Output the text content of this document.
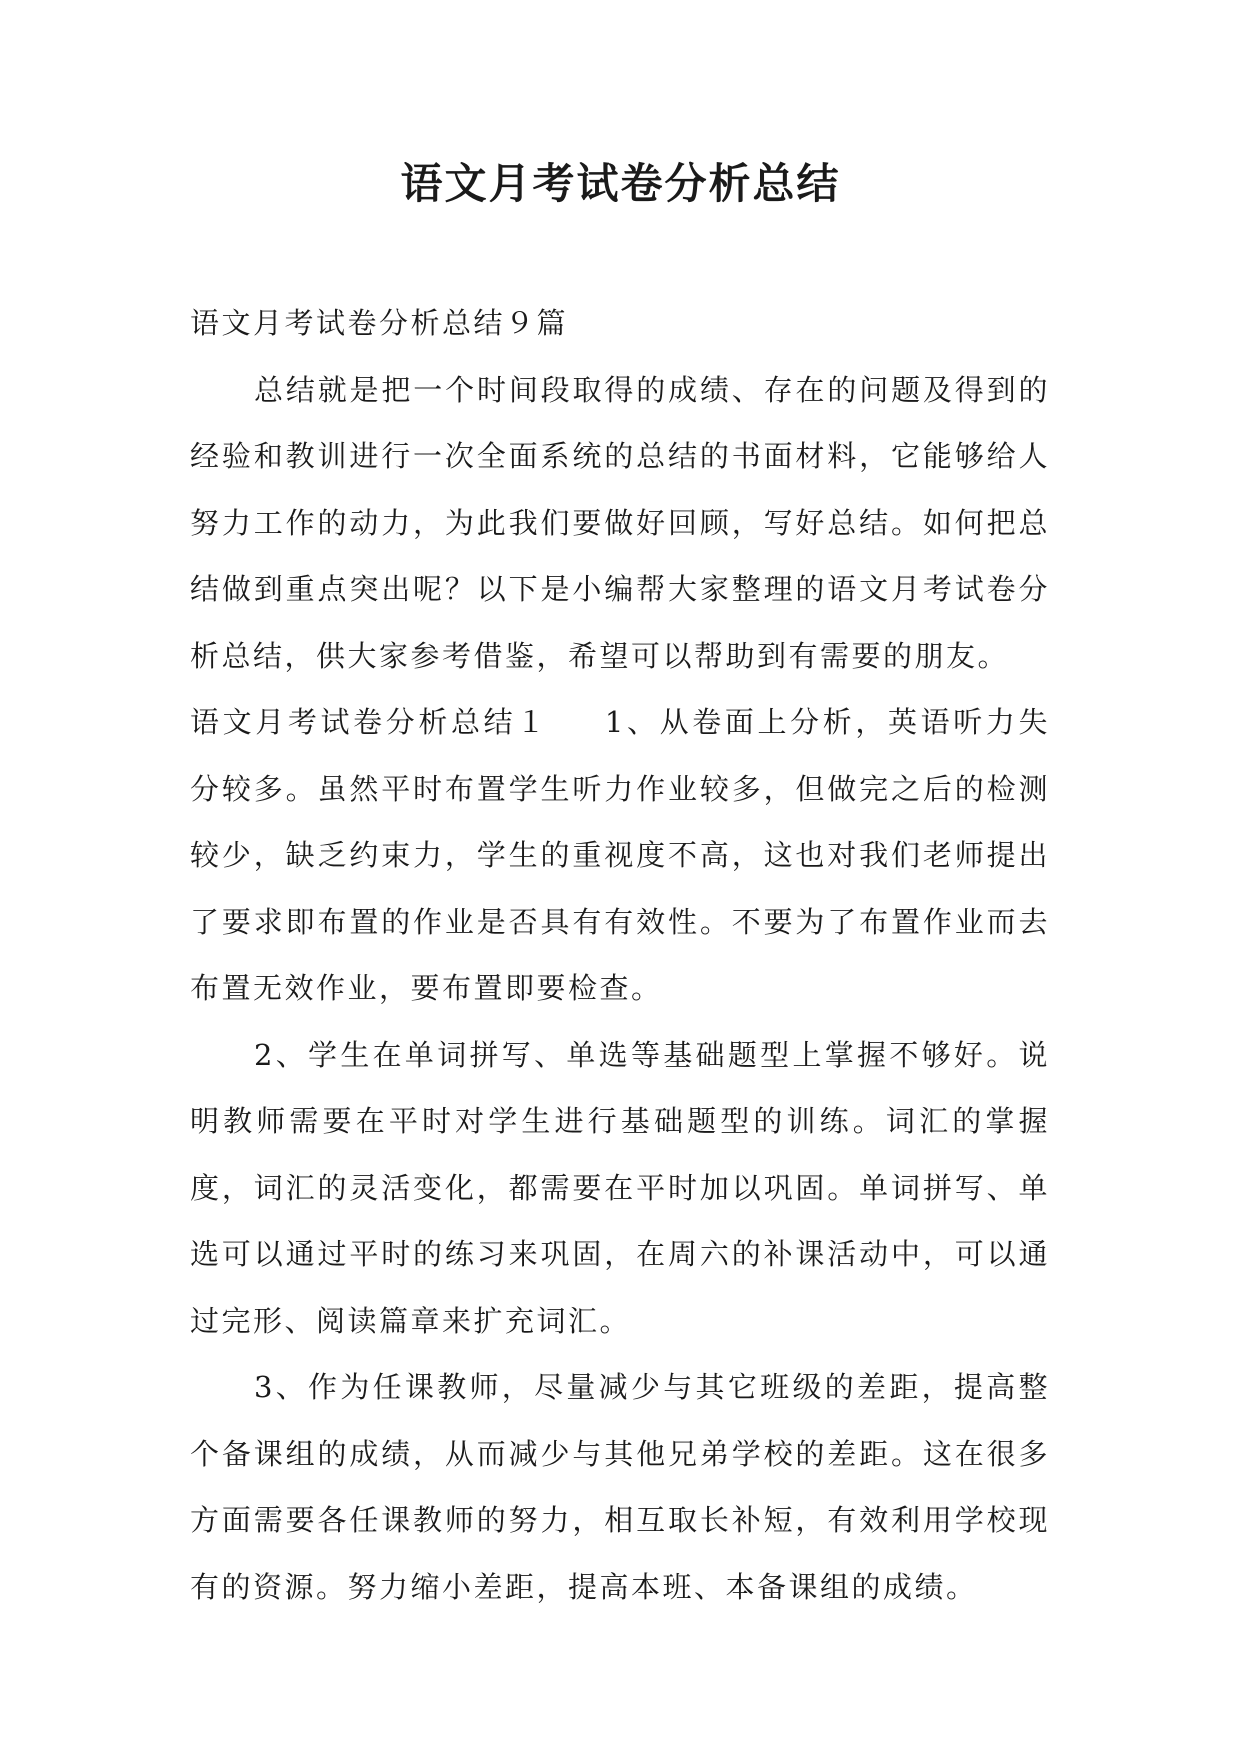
语文月考试卷分析总结

语文月考试卷分析总结９篇

总结就是把一个时间段取得的成绩、存在的问题及得到的经验和教训进行一次全面系统的总结的书面材料，它能够给人努力工作的动力，为此我们要做好回顾，写好总结。如何把总结做到重点突出呢？以下是小编帮大家整理的语文月考试卷分析总结，供大家参考借鉴，希望可以帮助到有需要的朋友。

语文月考试卷分析总结１ 1、从卷面上分析，英语听力失分较多。虽然平时布置学生听力作业较多，但做完之后的检测较少，缺乏约束力，学生的重视度不高，这也对我们老师提出了要求即布置的作业是否具有有效性。不要为了布置作业而去布置无效作业，要布置即要检查。

2、学生在单词拼写、单选等基础题型上掌握不够好。说明教师需要在平时对学生进行基础题型的训练。词汇的掌握度，词汇的灵活变化，都需要在平时加以巩固。单词拼写、单选可以通过平时的练习来巩固，在周六的补课活动中，可以通过完形、阅读篇章来扩充词汇。

3、作为任课教师，尽量减少与其它班级的差距，提高整个备课组的成绩，从而减少与其他兄弟学校的差距。这在很多方面需要各任课教师的努力，相互取长补短，有效利用学校现有的资源。努力缩小差距，提高本班、本备课组的成绩。
